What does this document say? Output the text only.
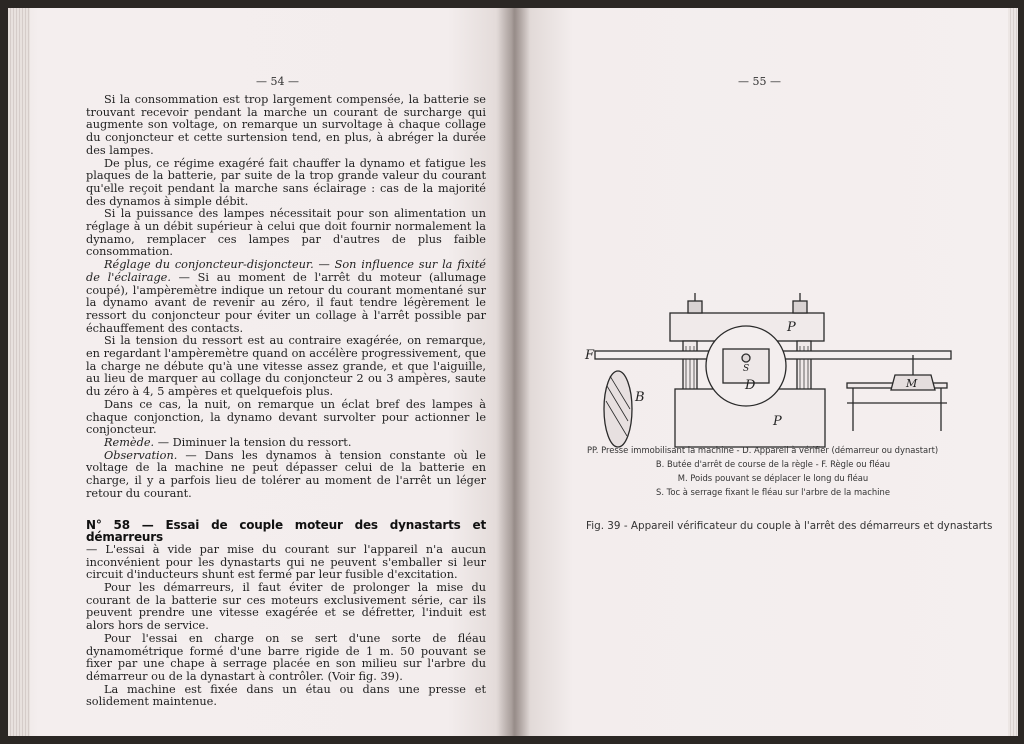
— 54 —

Si la consommation est trop largement compensée, la batterie se trouvant recevoir pendant la marche un courant de surcharge qui augmente son voltage, on remarque un survoltage à chaque collage du conjoncteur et cette surtension tend, en plus, à abréger la durée des lampes.

De plus, ce régime exagéré fait chauffer la dynamo et fatigue les plaques de la batterie, par suite de la trop grande valeur du courant qu'elle reçoit pendant la marche sans éclairage : cas de la majorité des dynamos à simple débit.

Si la puissance des lampes nécessitait pour son alimentation un réglage à un débit supérieur à celui que doit fournir normalement la dynamo, remplacer ces lampes par d'autres de plus faible consommation.

Réglage du conjoncteur-disjoncteur. — Son influence sur la fixité de l'éclairage. — Si au moment de l'arrêt du moteur (allumage coupé), l'ampèremètre indique un retour du courant momentané sur la dynamo avant de revenir au zéro, il faut tendre légèrement le ressort du conjoncteur pour éviter un collage à l'arrêt possible par échauffement des contacts.

Si la tension du ressort est au contraire exagérée, on remarque, en regardant l'ampèremètre quand on accélère progressivement, que la charge ne débute qu'à une vitesse assez grande, et que l'aiguille, au lieu de marquer au collage du conjoncteur 2 ou 3 ampères, saute du zéro à 4, 5 ampères et quelquefois plus.

Dans ce cas, la nuit, on remarque un éclat bref des lampes à chaque conjonction, la dynamo devant survolter pour actionner le conjoncteur.

Remède. — Diminuer la tension du ressort.

Observation. — Dans les dynamos à tension constante où le voltage de la machine ne peut dépasser celui de la batterie en charge, il y a parfois lieu de tolérer au moment de l'arrêt un léger retour du courant.

N° 58 — Essai de couple moteur des dynastarts et démarreurs

— L'essai à vide par mise du courant sur l'appareil n'a aucun inconvénient pour les dynastarts qui ne peuvent s'emballer si leur circuit d'inducteurs shunt est fermé par leur fusible d'excitation.

Pour les démarreurs, il faut éviter de prolonger la mise du courant de la batterie sur ces moteurs exclusivement série, car ils peuvent prendre une vitesse exagérée et se défretter, l'induit est alors hors de service.

Pour l'essai en charge on se sert d'une sorte de fléau dynamométrique formé d'une barre rigide de 1 m. 50 pouvant se fixer par une chape à serrage placée en son milieu sur l'arbre du démarreur ou de la dynastart à contrôler. (Voir fig. 39).

La machine est fixée dans un étau ou dans une presse et solidement maintenue.

— 55 —
F
P
P
B
D
S
M
PP. Presse immobilisant la machine - D. Appareil à vérifier (démarreur ou dynastart)
B. Butée d'arrêt de course de la règle - F. Règle ou fléau
M. Poids pouvant se déplacer le long du fléau
S. Toc à serrage fixant le fléau sur l'arbre de la machine
Fig. 39 - Appareil vérificateur du couple à l'arrêt des démarreurs et dynastarts
